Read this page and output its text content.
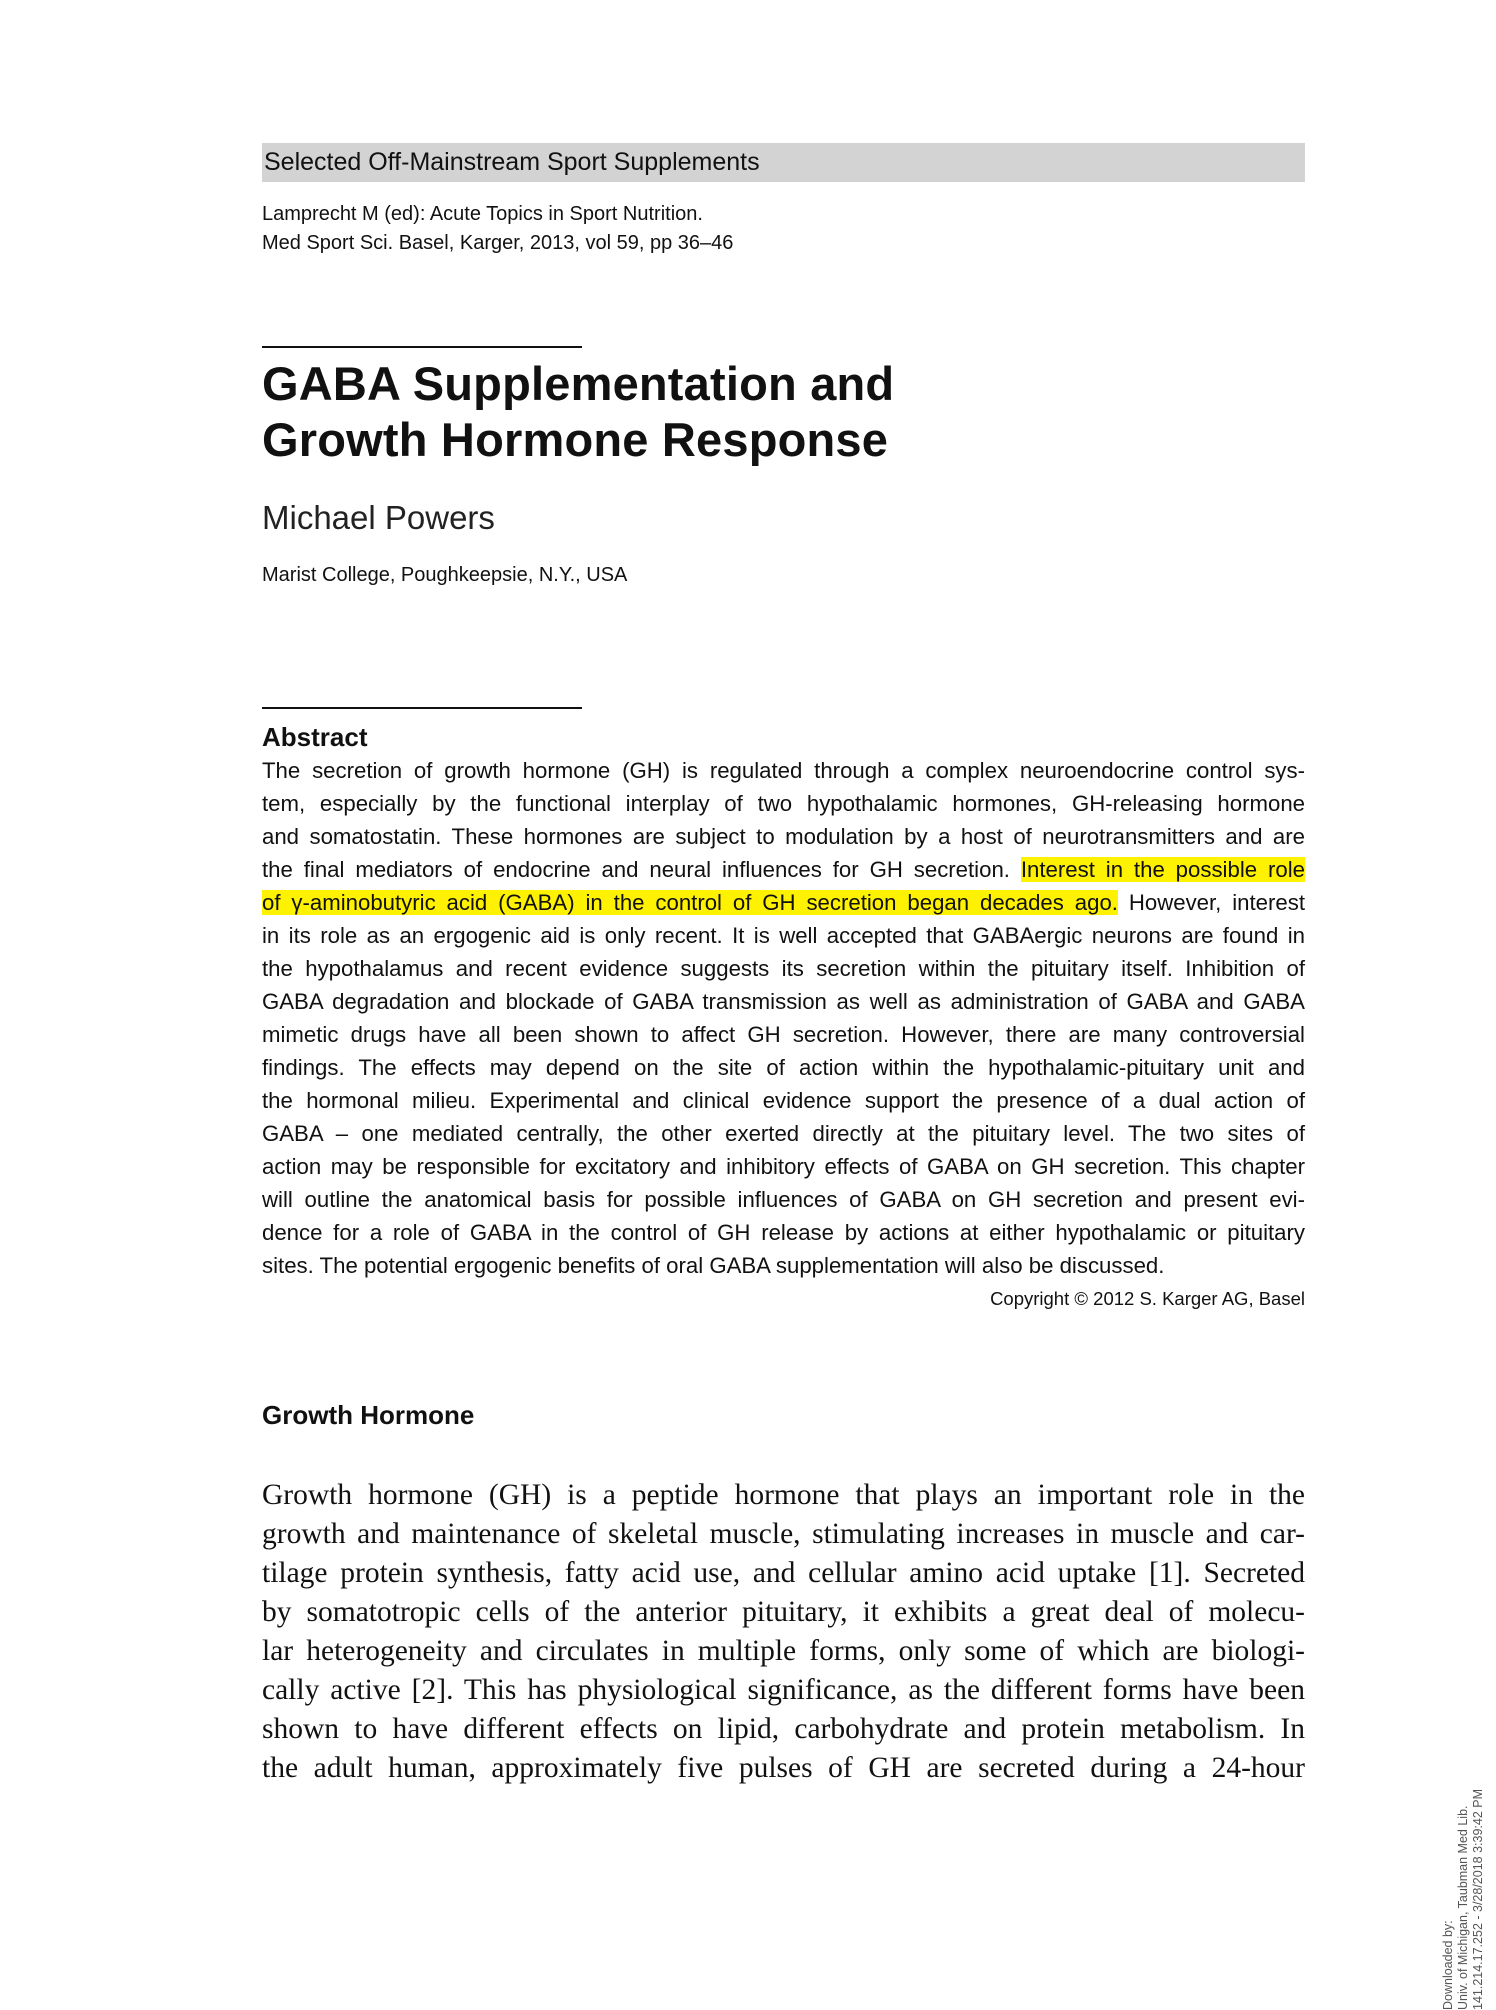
Selected Off-Mainstream Sport Supplements
Lamprecht M (ed): Acute Topics in Sport Nutrition.
Med Sport Sci. Basel, Karger, 2013, vol 59, pp 36–46
GABA Supplementation and
Growth Hormone Response
Michael Powers
Marist College, Poughkeepsie, N.Y., USA
Abstract
The secretion of growth hormone (GH) is regulated through a complex neuroendocrine control sys-
tem, especially by the functional interplay of two hypothalamic hormones, GH-releasing hormone
and somatostatin. These hormones are subject to modulation by a host of neurotransmitters and are
the final mediators of endocrine and neural influences for GH secretion. Interest in the possible role
of γ-aminobutyric acid (GABA) in the control of GH secretion began decades ago. However, interest
in its role as an ergogenic aid is only recent. It is well accepted that GABAergic neurons are found in
the hypothalamus and recent evidence suggests its secretion within the pituitary itself. Inhibition of
GABA degradation and blockade of GABA transmission as well as administration of GABA and GABA
mimetic drugs have all been shown to affect GH secretion. However, there are many controversial
findings. The effects may depend on the site of action within the hypothalamic-pituitary unit and
the hormonal milieu. Experimental and clinical evidence support the presence of a dual action of
GABA – one mediated centrally, the other exerted directly at the pituitary level. The two sites of
action may be responsible for excitatory and inhibitory effects of GABA on GH secretion. This chapter
will outline the anatomical basis for possible influences of GABA on GH secretion and present evi-
dence for a role of GABA in the control of GH release by actions at either hypothalamic or pituitary
sites. The potential ergogenic benefits of oral GABA supplementation will also be discussed.
Copyright © 2012 S. Karger AG, Basel
Growth Hormone
Growth hormone (GH) is a peptide hormone that plays an important role in the
growth and maintenance of skeletal muscle, stimulating increases in muscle and car-
tilage protein synthesis, fatty acid use, and cellular amino acid uptake [1]. Secreted
by somatotropic cells of the anterior pituitary, it exhibits a great deal of molecu-
lar heterogeneity and circulates in multiple forms, only some of which are biologi-
cally active [2]. This has physiological significance, as the different forms have been
shown to have different effects on lipid, carbohydrate and protein metabolism. In
the adult human, approximately five pulses of GH are secreted during a 24-hour
Downloaded by: Univ. of Michigan, Taubman Med Lib. 141.214.17.252 - 3/28/2018 3:39:42 PM
